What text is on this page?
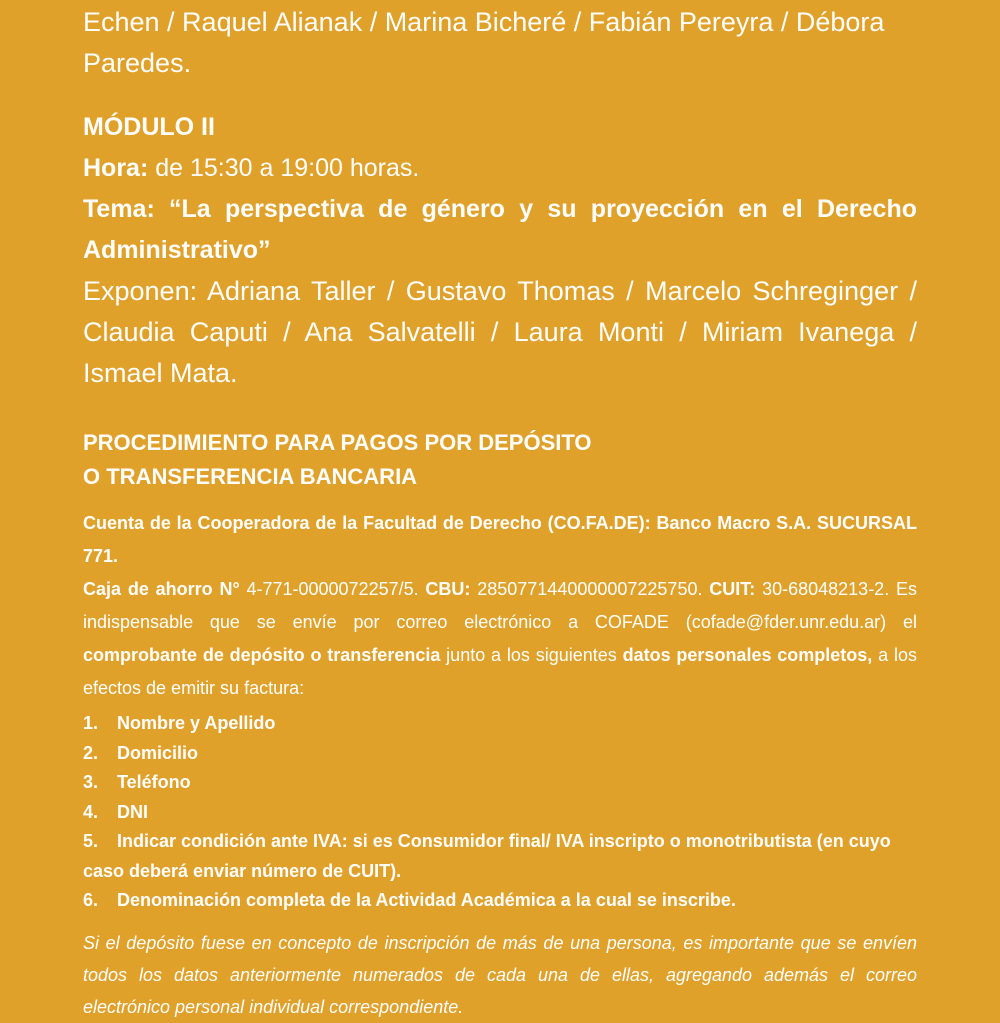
Echen / Raquel Alianak / Marina Bicheré / Fabián Pereyra / Débora Paredes.
MÓDULO II
Hora: de 15:30 a 19:00 horas.
Tema: “La perspectiva de género y su proyección en el Derecho Administrativo”
Exponen: Adriana Taller / Gustavo Thomas / Marcelo Schreginger / Claudia Caputi / Ana Salvatelli / Laura Monti / Miriam Ivanega / Ismael Mata.
PROCEDIMIENTO PARA PAGOS POR DEPÓSITO
O TRANSFERENCIA BANCARIA
Cuenta de la Cooperadora de la Facultad de Derecho (CO.FA.DE): Banco Macro S.A. SUCURSAL 771.
Caja de ahorro N° 4-771-0000072257/5. CBU: 2850771440000007225750. CUIT: 30-68048213-2. Es indispensable que se envíe por correo electrónico a COFADE (cofade@fder.unr.edu.ar) el comprobante de depósito o transferencia junto a los siguientes datos personales completos, a los efectos de emitir su factura:
1. Nombre y Apellido
2. Domicilio
3. Teléfono
4. DNI
5. Indicar condición ante IVA: si es Consumidor final/ IVA inscripto o monotributista (en cuyo caso deberá enviar número de CUIT).
6. Denominación completa de la Actividad Académica a la cual se inscribe.
Si el depósito fuese en concepto de inscripción de más de una persona, es importante que se envíen todos los datos anteriormente numerados de cada una de ellas, agregando además el correo electrónico personal individual correspondiente.
